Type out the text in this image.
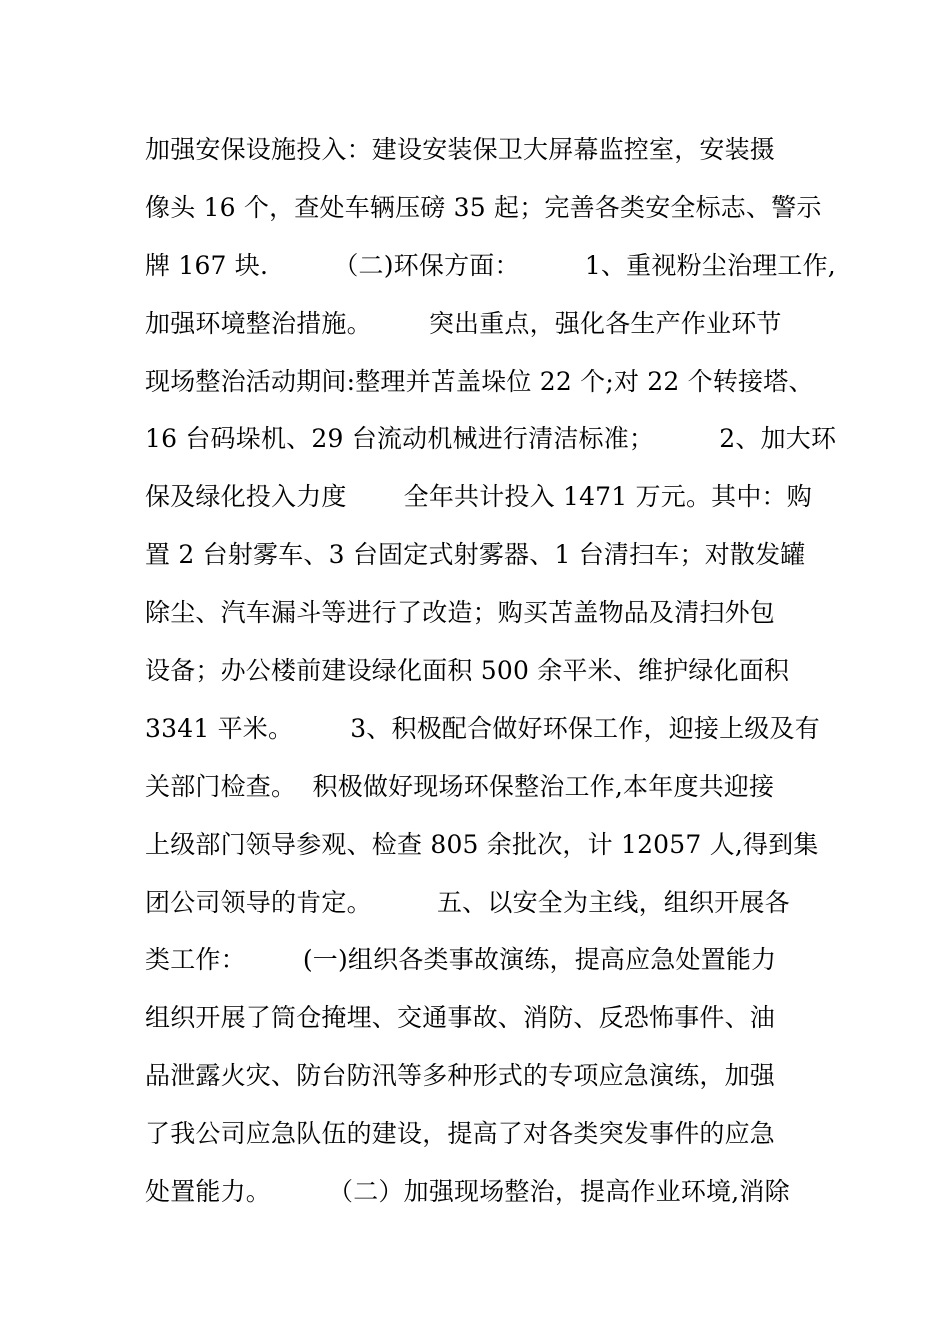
加强安保设施投入：建设安装保卫大屏幕监控室，安装摄
像头 16 个，查处车辆压磅 35 起；完善各类安全标志、警示
牌 167 块.        （二)环保方面：        1、重视粉尘治理工作,
加强环境整治措施。       突出重点，强化各生产作业环节
现场整治活动期间:整理并苫盖垛位 22 个;对 22 个转接塔、
16 台码垛机、29 台流动机械进行清洁标准；        2、加大环
保及绿化投入力度       全年共计投入 1471 万元。其中：购
置 2 台射雾车、3 台固定式射雾器、1 台清扫车；对散发罐
除尘、汽车漏斗等进行了改造；购买苫盖物品及清扫外包
设备；办公楼前建设绿化面积 500 余平米、维护绿化面积
3341 平米。       3、积极配合做好环保工作，迎接上级及有
关部门检查。  积极做好现场环保整治工作,本年度共迎接
上级部门领导参观、检查 805 余批次，计 12057 人,得到集
团公司领导的肯定。        五、以安全为主线，组织开展各
类工作：       (一)组织各类事故演练，提高应急处置能力
组织开展了筒仓掩埋、交通事故、消防、反恐怖事件、油
品泄露火灾、防台防汛等多种形式的专项应急演练，加强
了我公司应急队伍的建设，提高了对各类突发事件的应急
处置能力。       （二）加强现场整治，提高作业环境,消除
